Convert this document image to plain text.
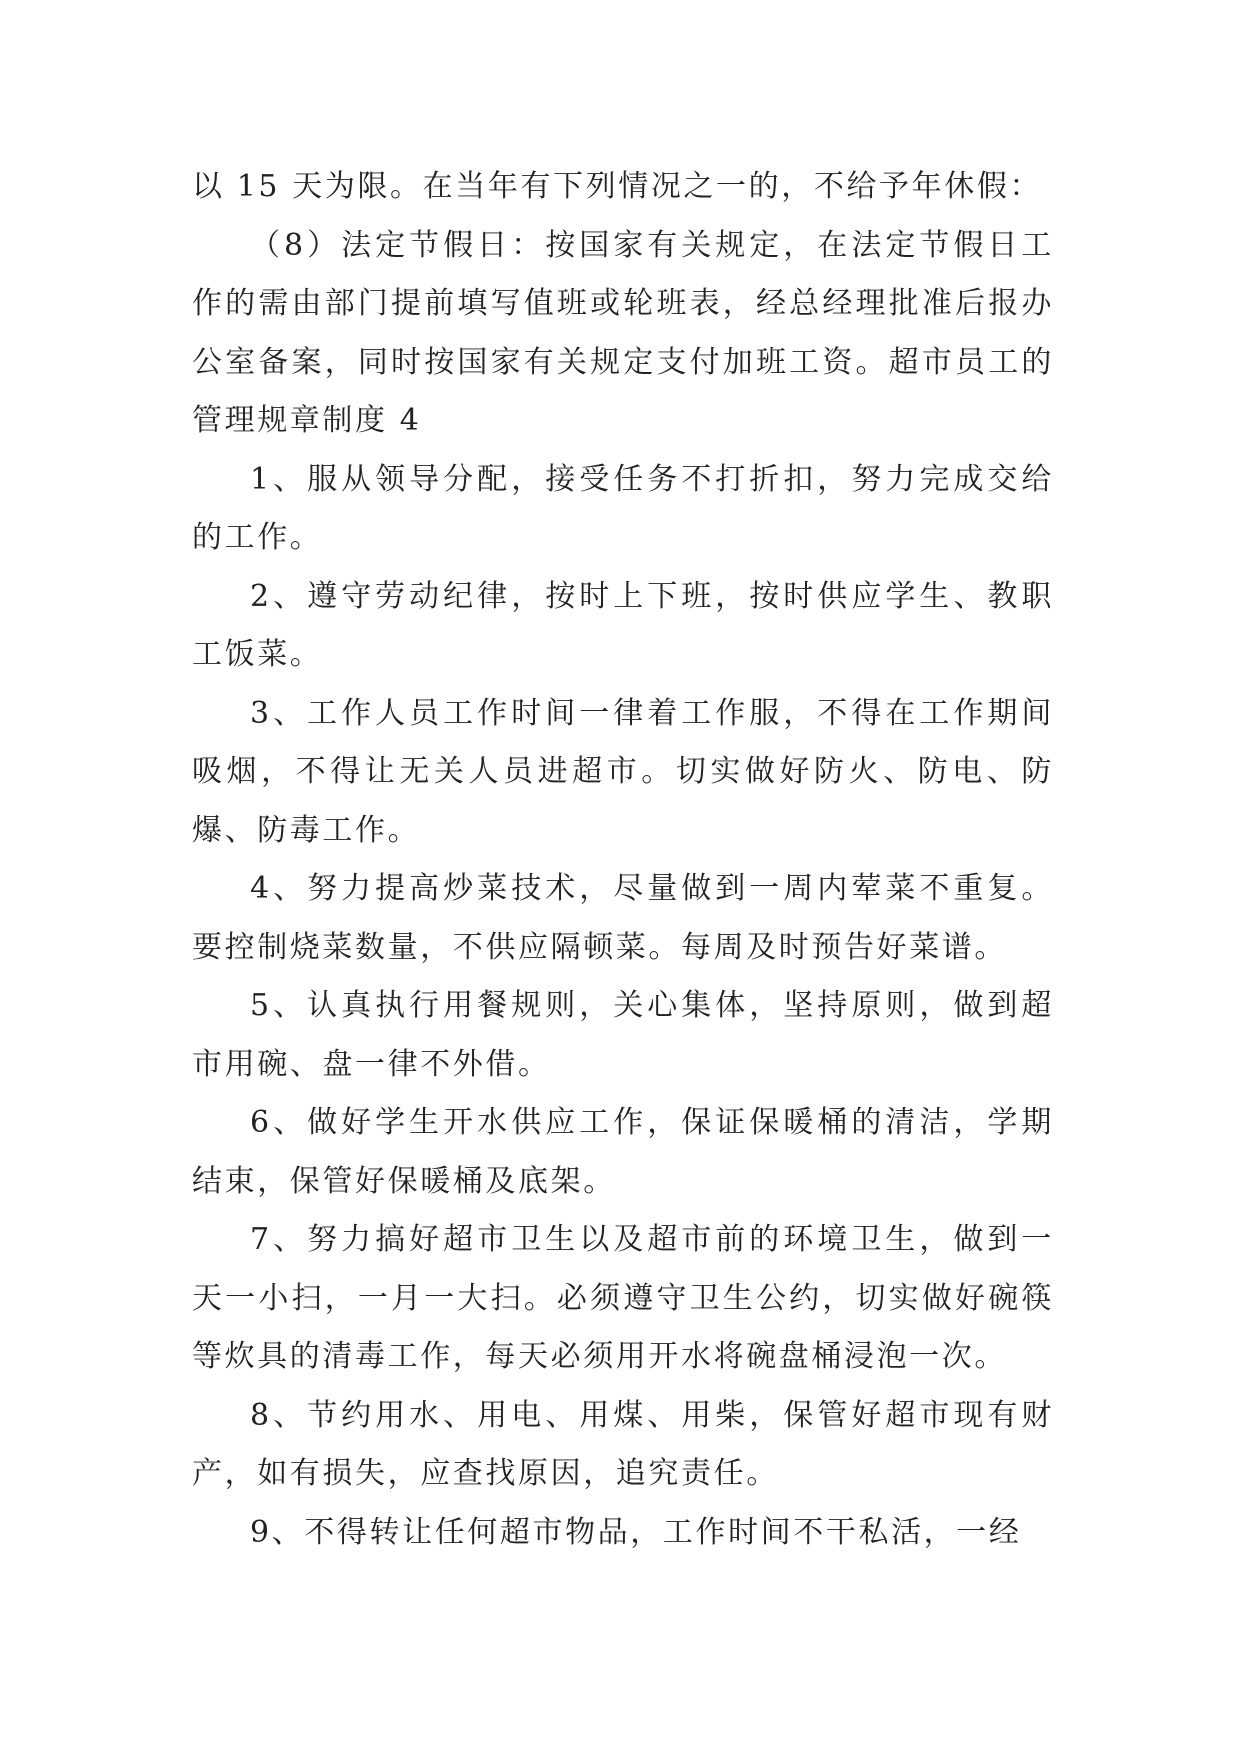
以 15 天为限。在当年有下列情况之一的，不给予年休假：

（8）法定节假日：按国家有关规定，在法定节假日工作的需由部门提前填写值班或轮班表，经总经理批准后报办公室备案，同时按国家有关规定支付加班工资。超市员工的管理规章制度 4

1、服从领导分配，接受任务不打折扣，努力完成交给的工作。

2、遵守劳动纪律，按时上下班，按时供应学生、教职工饭菜。

3、工作人员工作时间一律着工作服，不得在工作期间吸烟，不得让无关人员进超市。切实做好防火、防电、防爆、防毒工作。

4、努力提高炒菜技术，尽量做到一周内荤菜不重复。要控制烧菜数量，不供应隔顿菜。每周及时预告好菜谱。

5、认真执行用餐规则，关心集体，坚持原则，做到超市用碗、盘一律不外借。

6、做好学生开水供应工作，保证保暖桶的清洁，学期结束，保管好保暖桶及底架。

7、努力搞好超市卫生以及超市前的环境卫生，做到一天一小扫，一月一大扫。必须遵守卫生公约，切实做好碗筷等炊具的清毒工作，每天必须用开水将碗盘桶浸泡一次。

8、节约用水、用电、用煤、用柴，保管好超市现有财产，如有损失，应查找原因，追究责任。

9、不得转让任何超市物品，工作时间不干私活，一经
